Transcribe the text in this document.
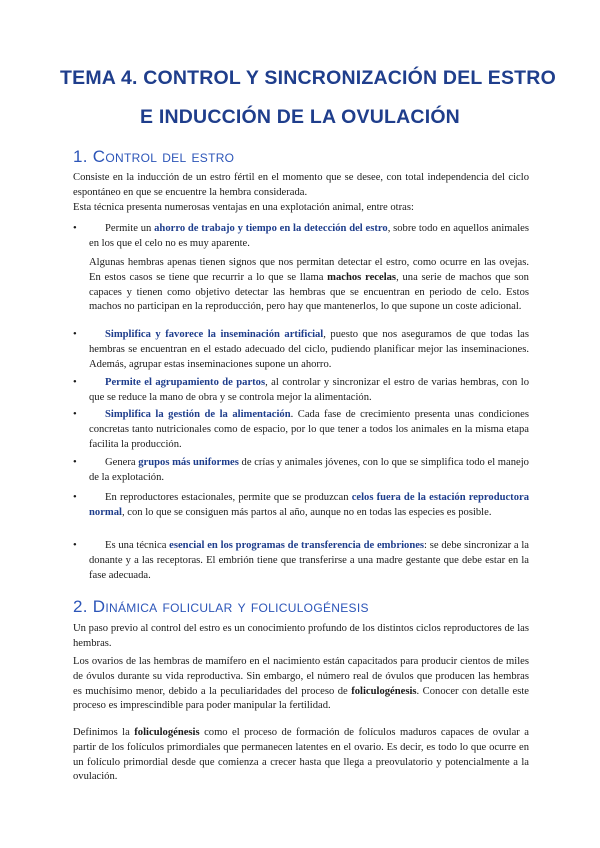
TEMA 4. CONTROL Y SINCRONIZACIÓN DEL ESTRO
E INDUCCIÓN DE LA OVULACIÓN
1. Control del estro

Consiste en la inducción de un estro fértil en el momento que se desee, con total independencia del ciclo espontáneo en que se encuentre la hembra considerada.

Esta técnica presenta numerosas ventajas en una explotación animal, entre otras:

•	Permite un ahorro de trabajo y tiempo en la detección del estro, sobre todo en aquellos animales en los que el celo no es muy aparente.

Algunas hembras apenas tienen signos que nos permitan detectar el estro, como ocurre en las ovejas. En estos casos se tiene que recurrir a lo que se llama machos recelas, una serie de machos que son capaces y tienen como objetivo detectar las hembras que se encuentran en periodo de celo. Estos machos no participan en la reproducción, pero hay que mantenerlos, lo que supone un coste adicional.

•	Simplifica y favorece la inseminación artificial, puesto que nos aseguramos de que todas las hembras se encuentran en el estado adecuado del ciclo, pudiendo planificar mejor las inseminaciones. Además, agrupar estas inseminaciones supone un ahorro.

•	Permite el agrupamiento de partos, al controlar y sincronizar el estro de varias hembras, con lo que se reduce la mano de obra y se controla mejor la alimentación.

•	Simplifica la gestión de la alimentación. Cada fase de crecimiento presenta unas condiciones concretas tanto nutricionales como de espacio, por lo que tener a todos los animales en la misma etapa facilita la producción.

•	Genera grupos más uniformes de crías y animales jóvenes, con lo que se simplifica todo el manejo de la explotación.

•	En reproductores estacionales, permite que se produzcan celos fuera de la estación reproductora normal, con lo que se consiguen más partos al año, aunque no en todas las especies es posible.

•	Es una técnica esencial en los programas de transferencia de embriones: se debe sincronizar a la donante y a las receptoras. El embrión tiene que transferirse a una madre gestante que debe estar en la fase adecuada.

2. Dinámica folicular y foliculogénesis

Un paso previo al control del estro es un conocimiento profundo de los distintos ciclos reproductores de las hembras.

Los ovarios de las hembras de mamífero en el nacimiento están capacitados para producir cientos de miles de óvulos durante su vida reproductiva. Sin embargo, el número real de óvulos que producen las hembras es muchísimo menor, debido a la peculiaridades del proceso de foliculogénesis. Conocer con detalle este proceso es imprescindible para poder manipular la fertilidad.

Definimos la foliculogénesis como el proceso de formación de folículos maduros capaces de ovular a partir de los folículos primordiales que permanecen latentes en el ovario. Es decir, es todo lo que ocurre en un folículo primordial desde que comienza a crecer hasta que llega a preovulatorio y potencialmente a la ovulación.
